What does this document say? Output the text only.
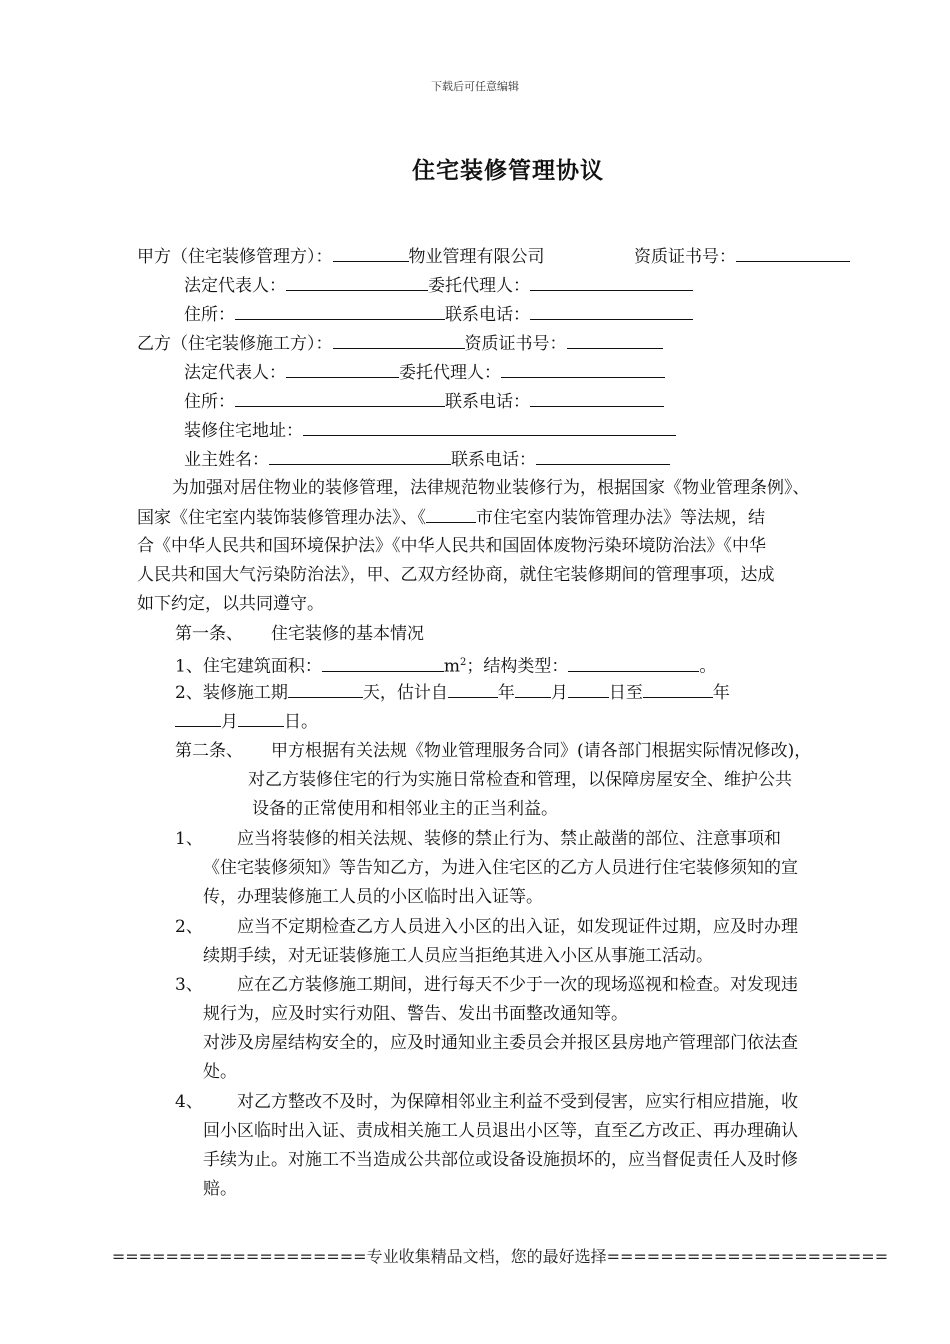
下载后可任意编辑
住宅装修管理协议
甲方（住宅装修管理方）：	物业管理有限公司	资质证书号：
法定代表人：	委托代理人：
住所：	联系电话：
乙方（住宅装修施工方）：	资质证书号：
法定代表人：	委托代理人：
住所：	联系电话：
装修住宅地址：
业主姓名：	联系电话：
为加强对居住物业的装修管理，法律规范物业装修行为，根据国家《物业管理条例》、
国家《住宅室内装饰装修管理办法》、《	市住宅室内装饰管理办法》等法规，结
合《中华人民共和国环境保护法》《中华人民共和国固体废物污染环境防治法》《中华
人民共和国大气污染防治法》，甲、乙双方经协商，就住宅装修期间的管理事项，达成
如下约定，以共同遵守。
第一条、 住宅装修的基本情况
1、住宅建筑面积：	$m^2$；结构类型：	。
2、装修施工期	天，估计自	年 月 日至	年
月	日。
第二条、 甲方根据有关法规《物业管理服务合同》(请各部门根据实际情况修改)，
对乙方装修住宅的行为实施日常检查和管理，以保障房屋安全、维护公共
设备的正常使用和相邻业主的正当利益。
1、 应当将装修的相关法规、装修的禁止行为、禁止敲凿的部位、注意事项和
《住宅装修须知》等告知乙方，为进入住宅区的乙方人员进行住宅装修须知的宣
传，办理装修施工人员的小区临时出入证等。
2、 应当不定期检查乙方人员进入小区的出入证，如发现证件过期，应及时办理
续期手续，对无证装修施工人员应当拒绝其进入小区从事施工活动。
3、 应在乙方装修施工期间，进行每天不少于一次的现场巡视和检查。对发现违
规行为，应及时实行劝阻、警告、发出书面整改通知等。
对涉及房屋结构安全的，应及时通知业主委员会并报区县房地产管理部门依法查
处。
4、 对乙方整改不及时，为保障相邻业主利益不受到侵害，应实行相应措施，收
回小区临时出入证、责成相关施工人员退出小区等，直至乙方改正、再办理确认
手续为止。对施工不当造成公共部位或设备设施损坏的，应当督促责任人及时修
赔。
===================专业收集精品文档，您的最好选择=====================
